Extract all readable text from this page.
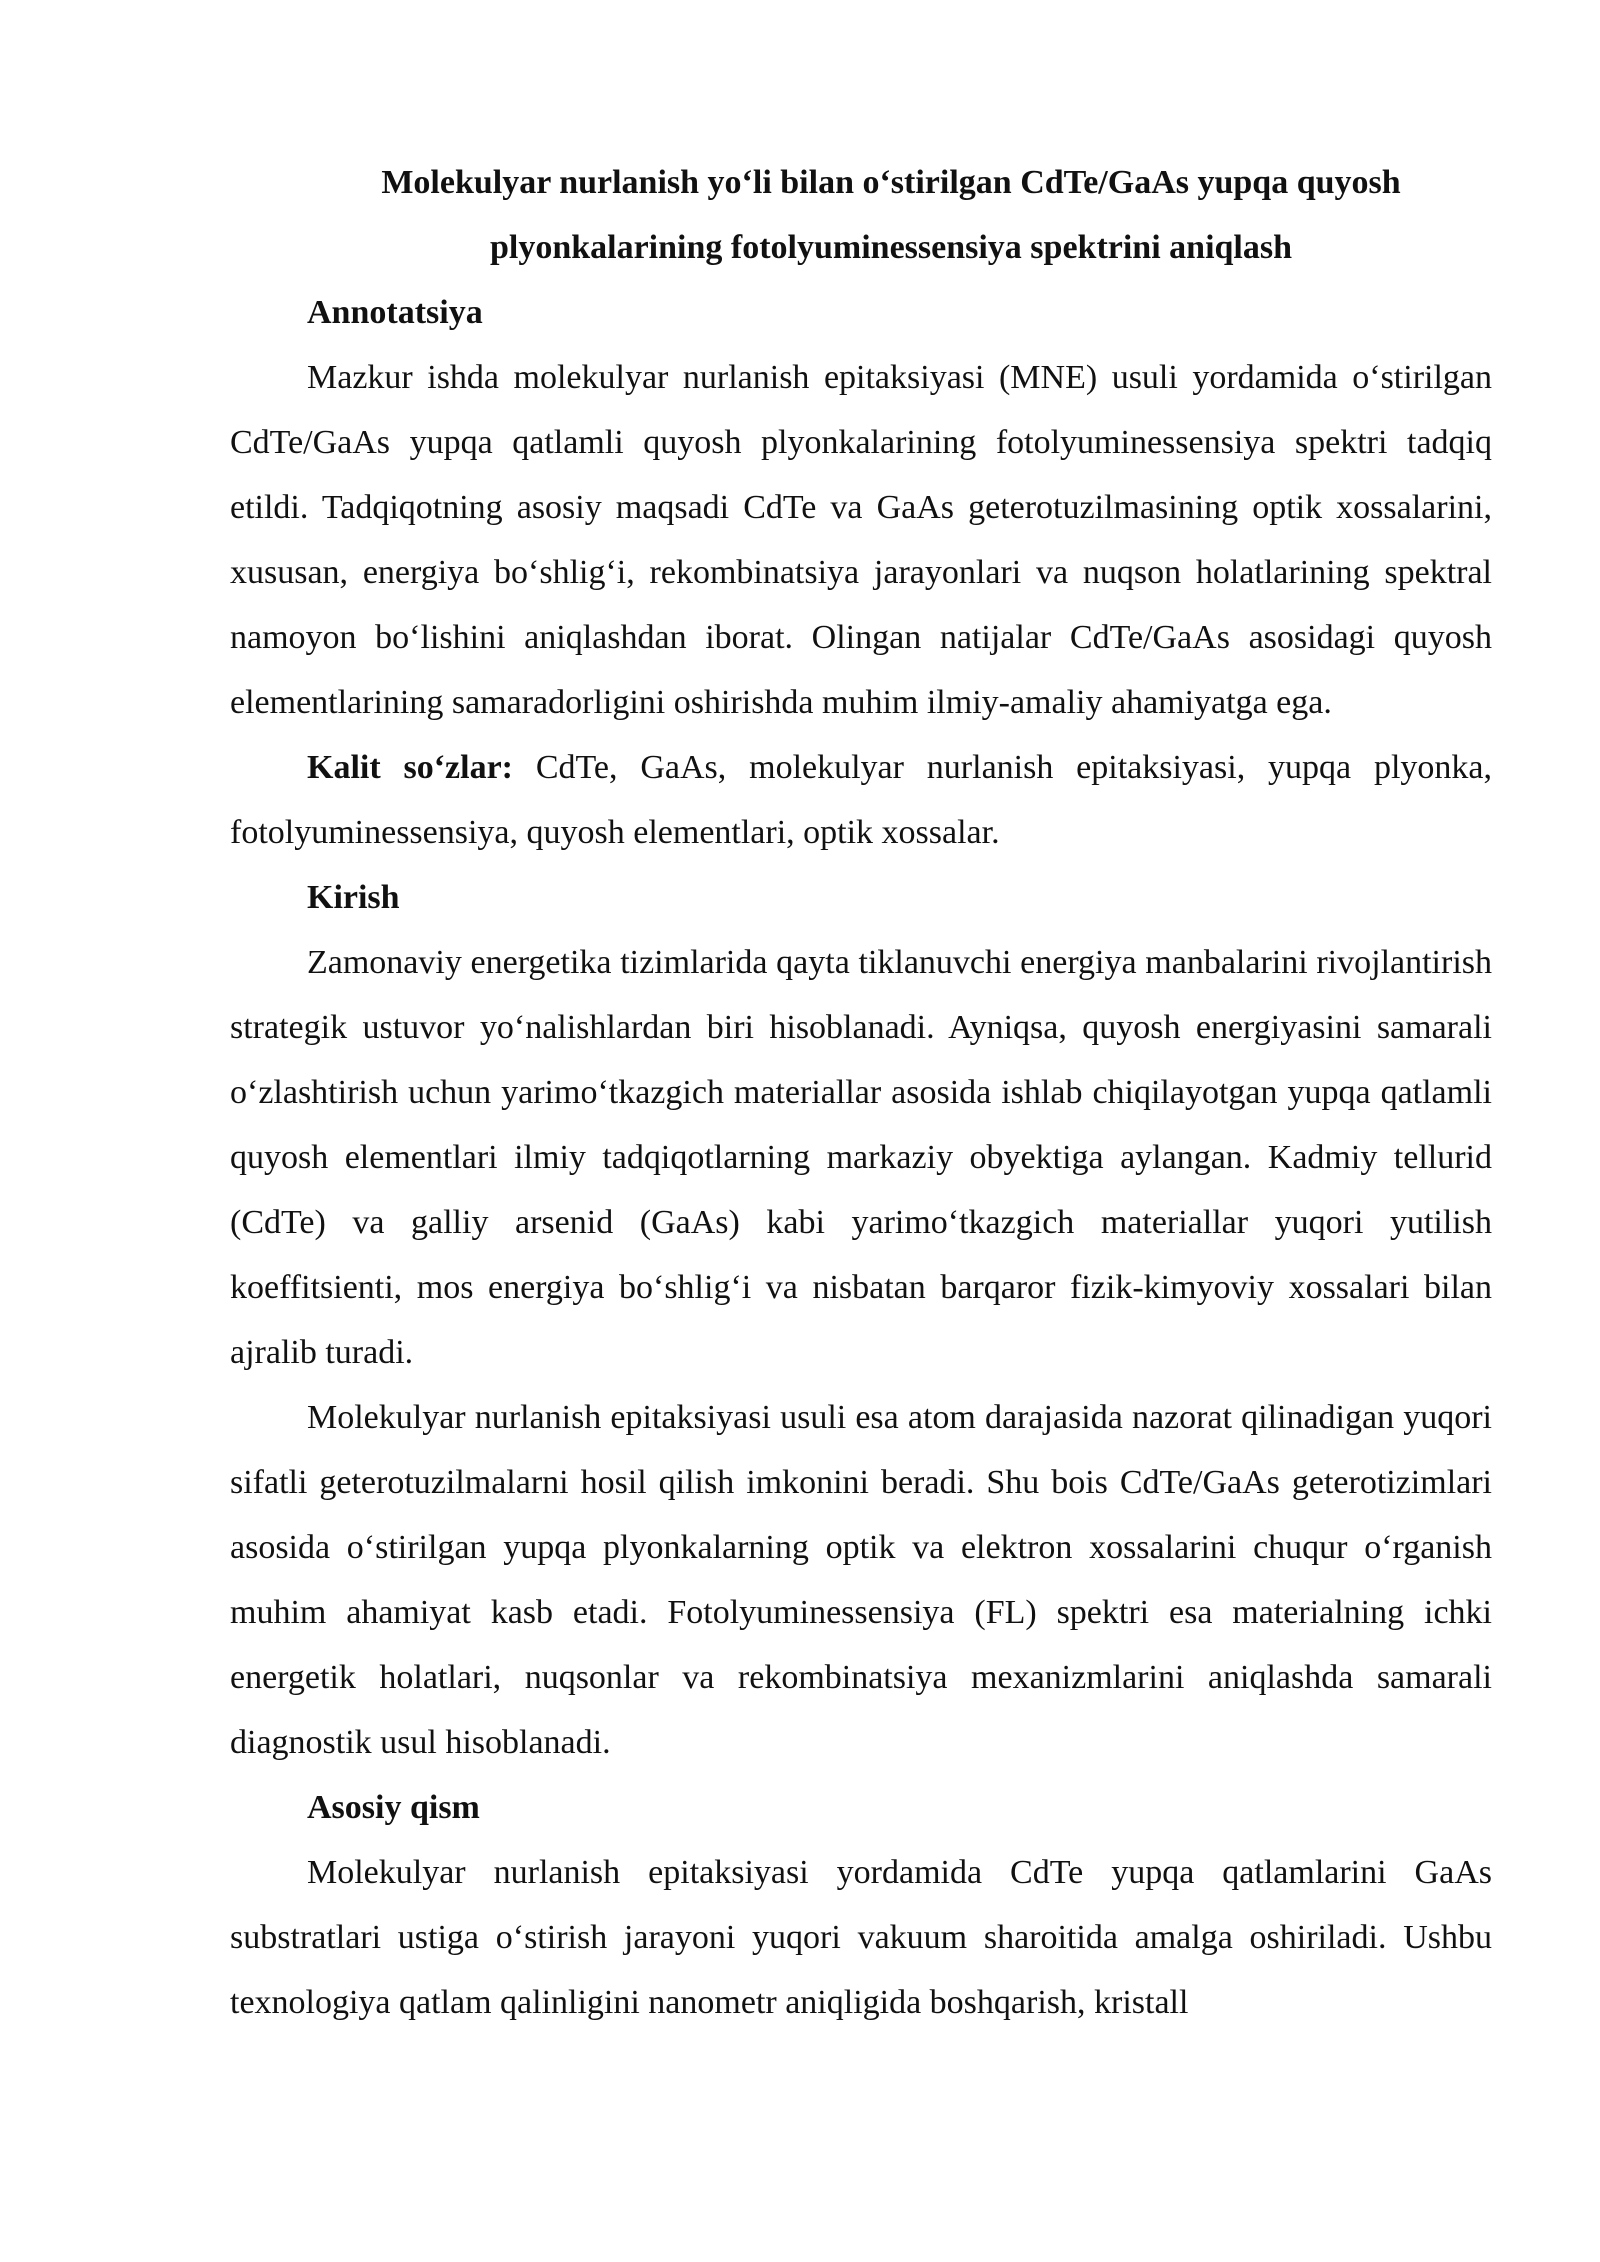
Molekulyar nurlanish yo‘li bilan o‘stirilgan CdTe/GaAs yupqa quyosh

plyonkalarining fotolyuminessensiya spektrini aniqlash

Annotatsiya

Mazkur ishda molekulyar nurlanish epitaksiyasi (MNE) usuli yordamida o‘stirilgan CdTe/GaAs yupqa qatlamli quyosh plyonkalarining fotolyuminessensiya spektri tadqiq etildi. Tadqiqotning asosiy maqsadi CdTe va GaAs geterotuzilmasining optik xossalarini, xususan, energiya bo‘shlig‘i, rekombinatsiya jarayonlari va nuqson holatlarining spektral namoyon bo‘lishini aniqlashdan iborat. Olingan natijalar CdTe/GaAs asosidagi quyosh elementlarining samaradorligini oshirishda muhim ilmiy-amaliy ahamiyatga ega.

Kalit so‘zlar: CdTe, GaAs, molekulyar nurlanish epitaksiyasi, yupqa plyonka, fotolyuminessensiya, quyosh elementlari, optik xossalar.

Kirish

Zamonaviy energetika tizimlarida qayta tiklanuvchi energiya manbalarini rivojlantirish strategik ustuvor yo‘nalishlardan biri hisoblanadi. Ayniqsa, quyosh energiyasini samarali o‘zlashtirish uchun yarimo‘tkazgich materiallar asosida ishlab chiqilayotgan yupqa qatlamli quyosh elementlari ilmiy tadqiqotlarning markaziy obyektiga aylangan. Kadmiy tellurid (CdTe) va galliy arsenid (GaAs) kabi yarimo‘tkazgich materiallar yuqori yutilish koeffitsienti, mos energiya bo‘shlig‘i va nisbatan barqaror fizik-kimyoviy xossalari bilan ajralib turadi.

Molekulyar nurlanish epitaksiyasi usuli esa atom darajasida nazorat qilinadigan yuqori sifatli geterotuzilmalarni hosil qilish imkonini beradi. Shu bois CdTe/GaAs geterotizimlari asosida o‘stirilgan yupqa plyonkalarning optik va elektron xossalarini chuqur o‘rganish muhim ahamiyat kasb etadi. Fotolyuminessensiya (FL) spektri esa materialning ichki energetik holatlari, nuqsonlar va rekombinatsiya mexanizmlarini aniqlashda samarali diagnostik usul hisoblanadi.

Asosiy qism

Molekulyar nurlanish epitaksiyasi yordamida CdTe yupqa qatlamlarini GaAs substratlari ustiga o‘stirish jarayoni yuqori vakuum sharoitida amalga oshiriladi. Ushbu texnologiya qatlam qalinligini nanometr aniqligida boshqarish, kristall
